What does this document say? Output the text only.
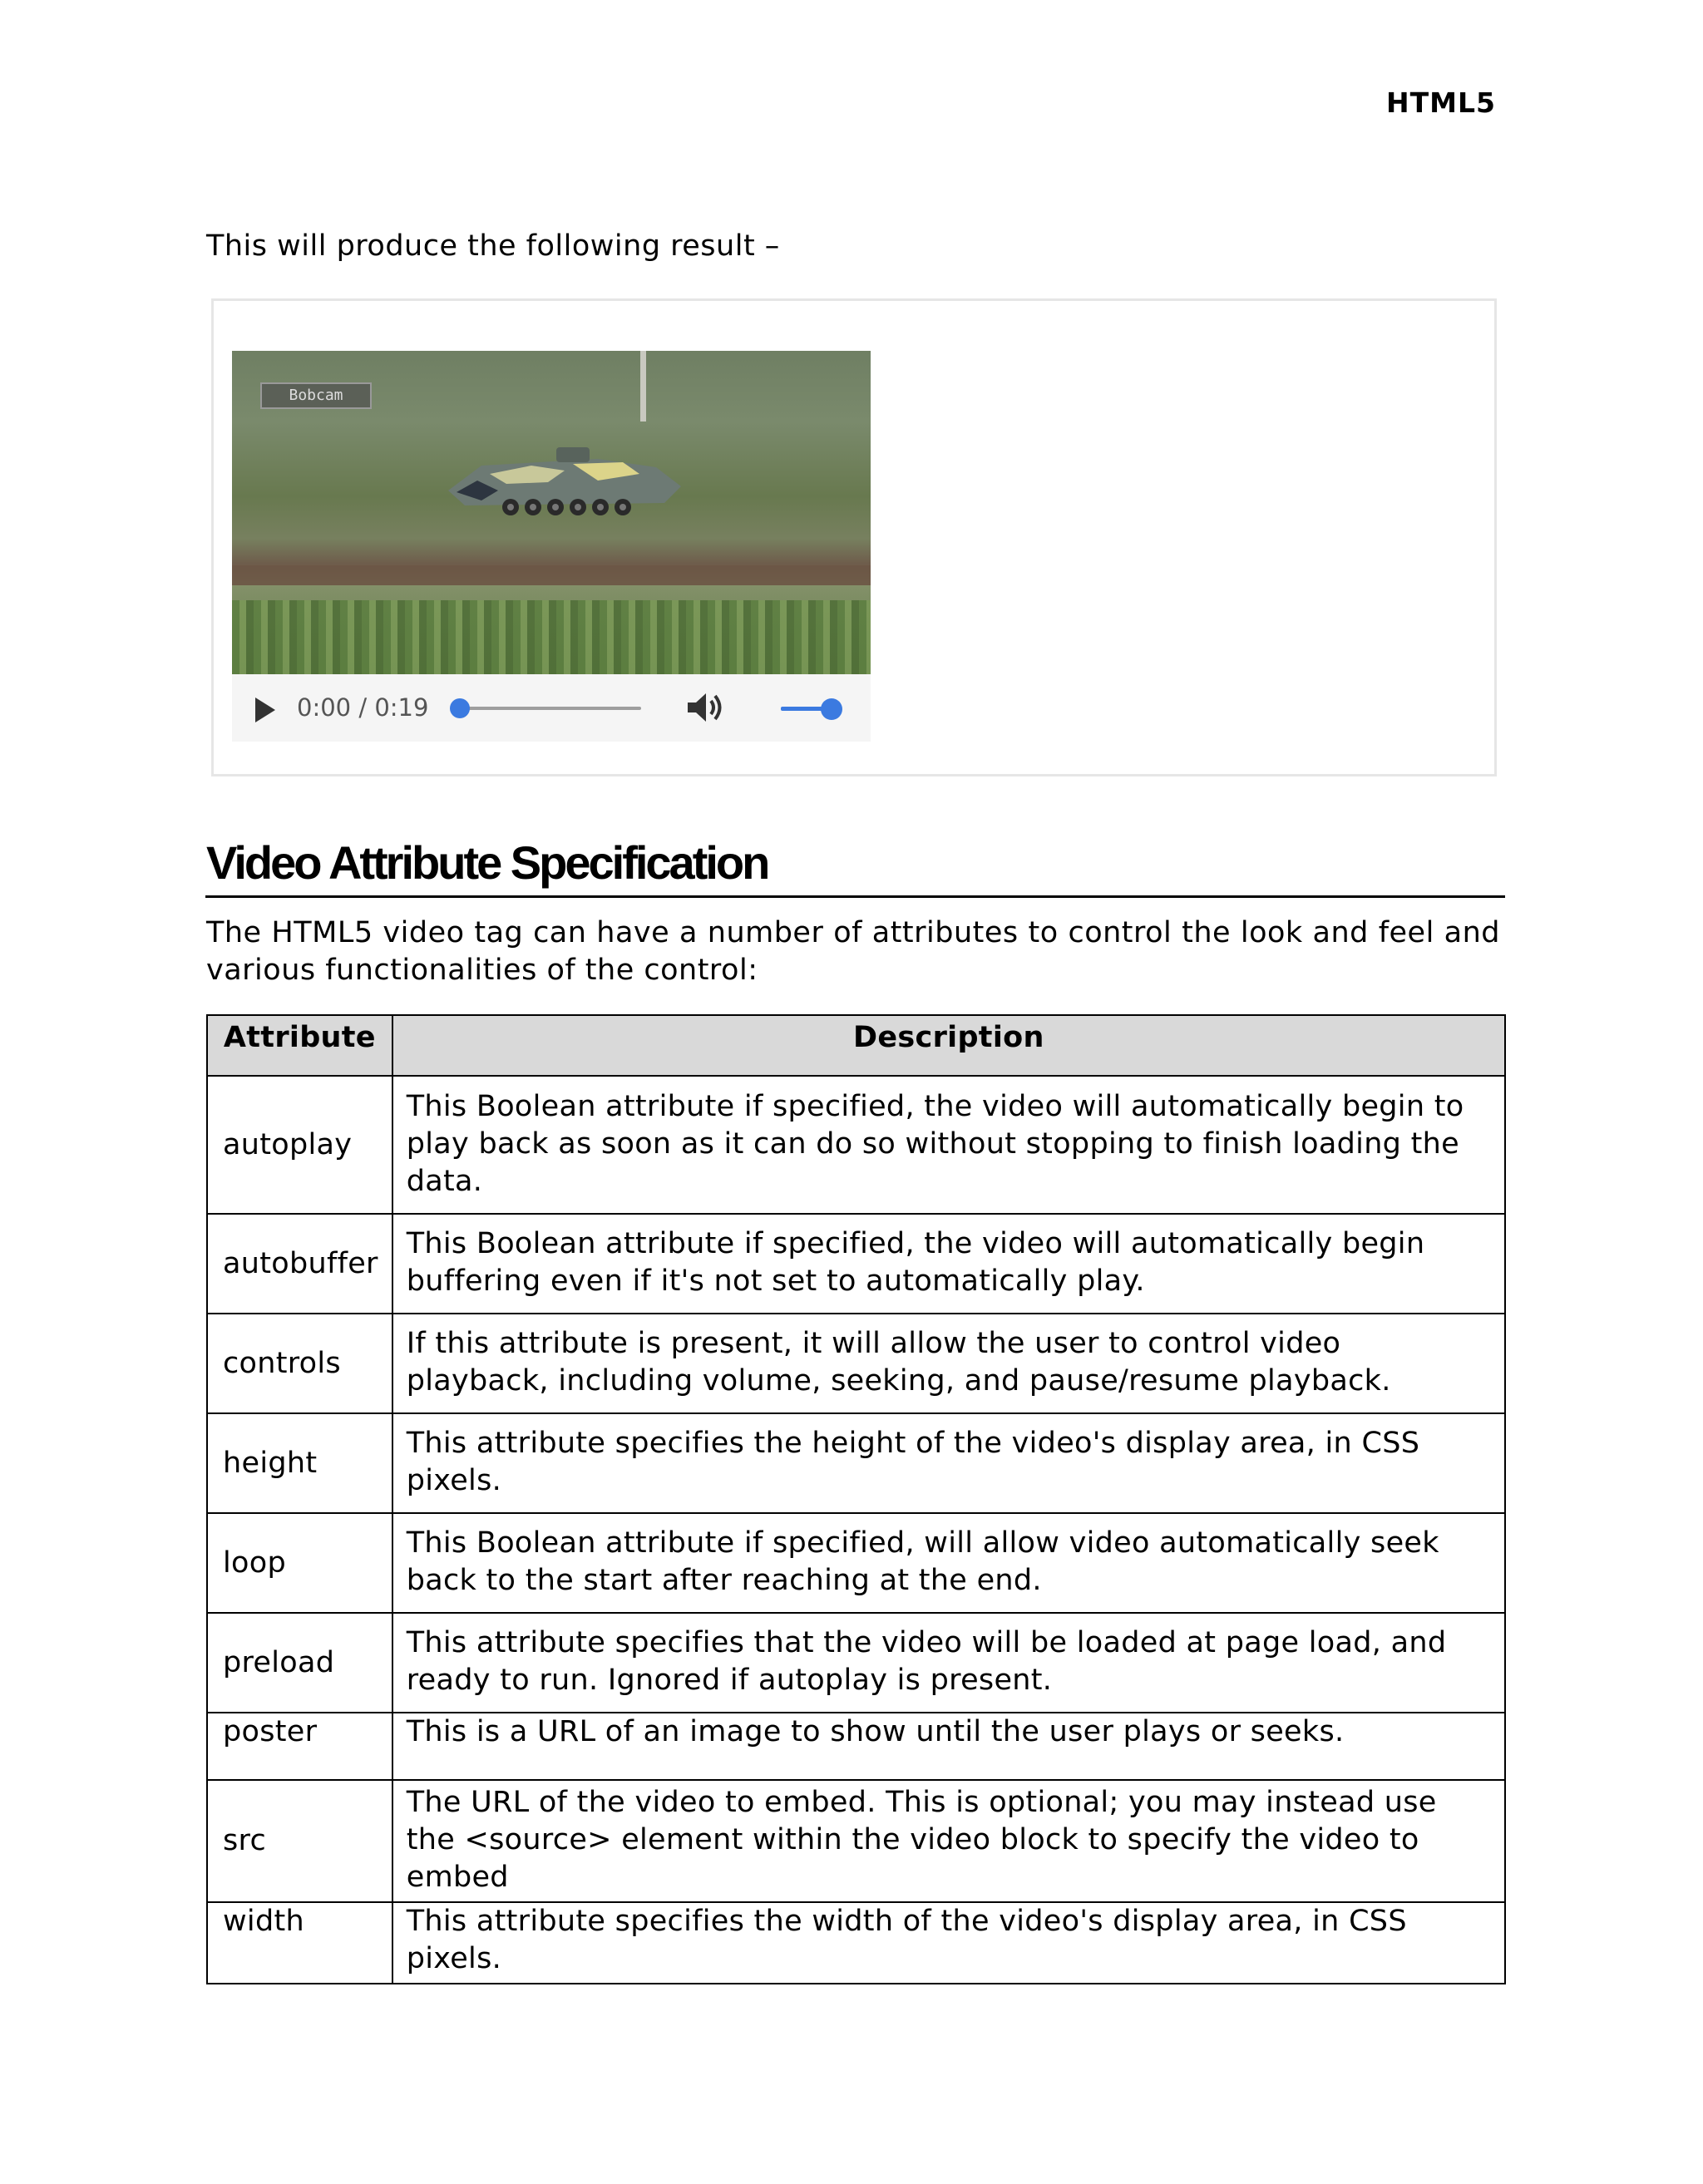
HTML5
This will produce the following result –
Bobcam
0:00 / 0:19
Video Attribute Specification
The HTML5 video tag can have a number of attributes to control the look and feel and various functionalities of the control:
Attribute	Description
autoplay	This Boolean attribute if specified, the video will automatically begin to play back as soon as it can do so without stopping to finish loading the data.
autobuffer	This Boolean attribute if specified, the video will automatically begin buffering even if it's not set to automatically play.
controls	If this attribute is present, it will allow the user to control video playback, including volume, seeking, and pause/resume playback.
height	This attribute specifies the height of the video's display area, in CSS pixels.
loop	This Boolean attribute if specified, will allow video automatically seek back to the start after reaching at the end.
preload	This attribute specifies that the video will be loaded at page load, and ready to run. Ignored if autoplay is present.
poster	This is a URL of an image to show until the user plays or seeks.
src	The URL of the video to embed. This is optional; you may instead use the <source> element within the video block to specify the video to embed
width	This attribute specifies the width of the video's display area, in CSS pixels.
